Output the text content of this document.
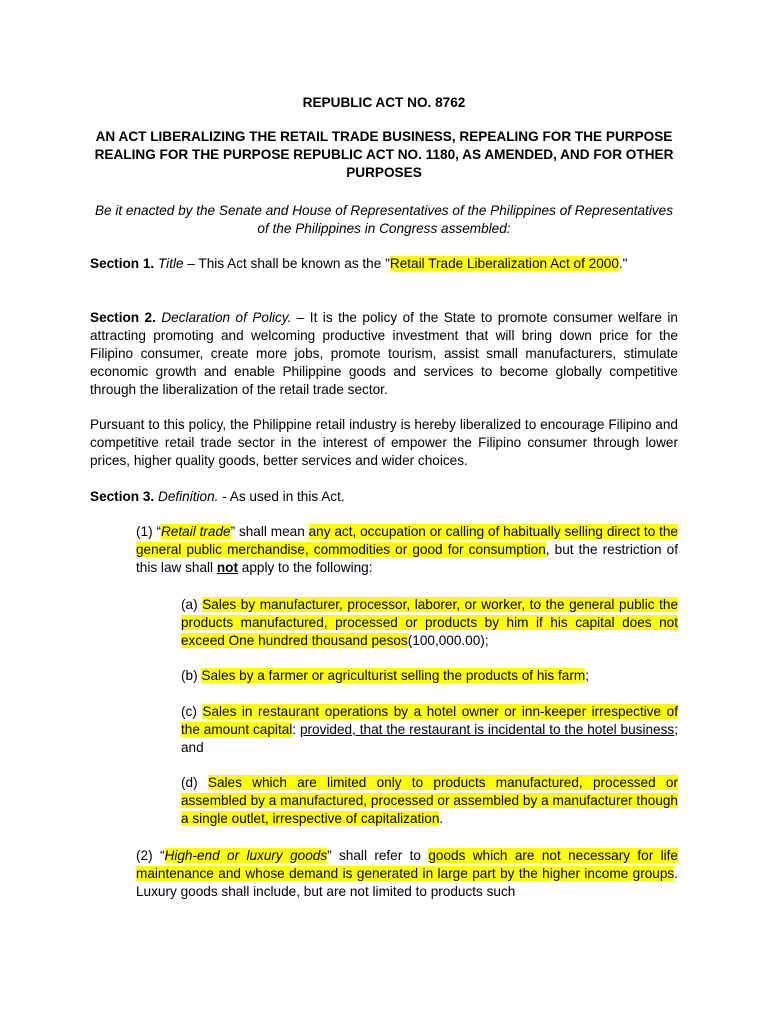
REPUBLIC ACT NO. 8762
AN ACT LIBERALIZING THE RETAIL TRADE BUSINESS, REPEALING FOR THE PURPOSE REALING FOR THE PURPOSE REPUBLIC ACT NO. 1180, AS AMENDED, AND FOR OTHER PURPOSES
Be it enacted by the Senate and House of Representatives of the Philippines of Representatives of the Philippines in Congress assembled:
Section 1. Title – This Act shall be known as the "Retail Trade Liberalization Act of 2000."
Section 2. Declaration of Policy. – It is the policy of the State to promote consumer welfare in attracting promoting and welcoming productive investment that will bring down price for the Filipino consumer, create more jobs, promote tourism, assist small manufacturers, stimulate economic growth and enable Philippine goods and services to become globally competitive through the liberalization of the retail trade sector.
Pursuant to this policy, the Philippine retail industry is hereby liberalized to encourage Filipino and competitive retail trade sector in the interest of empower the Filipino consumer through lower prices, higher quality goods, better services and wider choices.
Section 3. Definition. - As used in this Act.
(1) “Retail trade” shall mean any act, occupation or calling of habitually selling direct to the general public merchandise, commodities or good for consumption, but the restriction of this law shall not apply to the following:
(a) Sales by manufacturer, processor, laborer, or worker, to the general public the products manufactured, processed or products by him if his capital does not exceed One hundred thousand pesos(100,000.00);
(b) Sales by a farmer or agriculturist selling the products of his farm;
(c) Sales in restaurant operations by a hotel owner or inn-keeper irrespective of the amount capital: provided, that the restaurant is incidental to the hotel business; and
(d) Sales which are limited only to products manufactured, processed or assembled by a manufactured, processed or assembled by a manufacturer though a single outlet, irrespective of capitalization.
(2) “High-end or luxury goods” shall refer to goods which are not necessary for life maintenance and whose demand is generated in large part by the higher income groups. Luxury goods shall include, but are not limited to products such
